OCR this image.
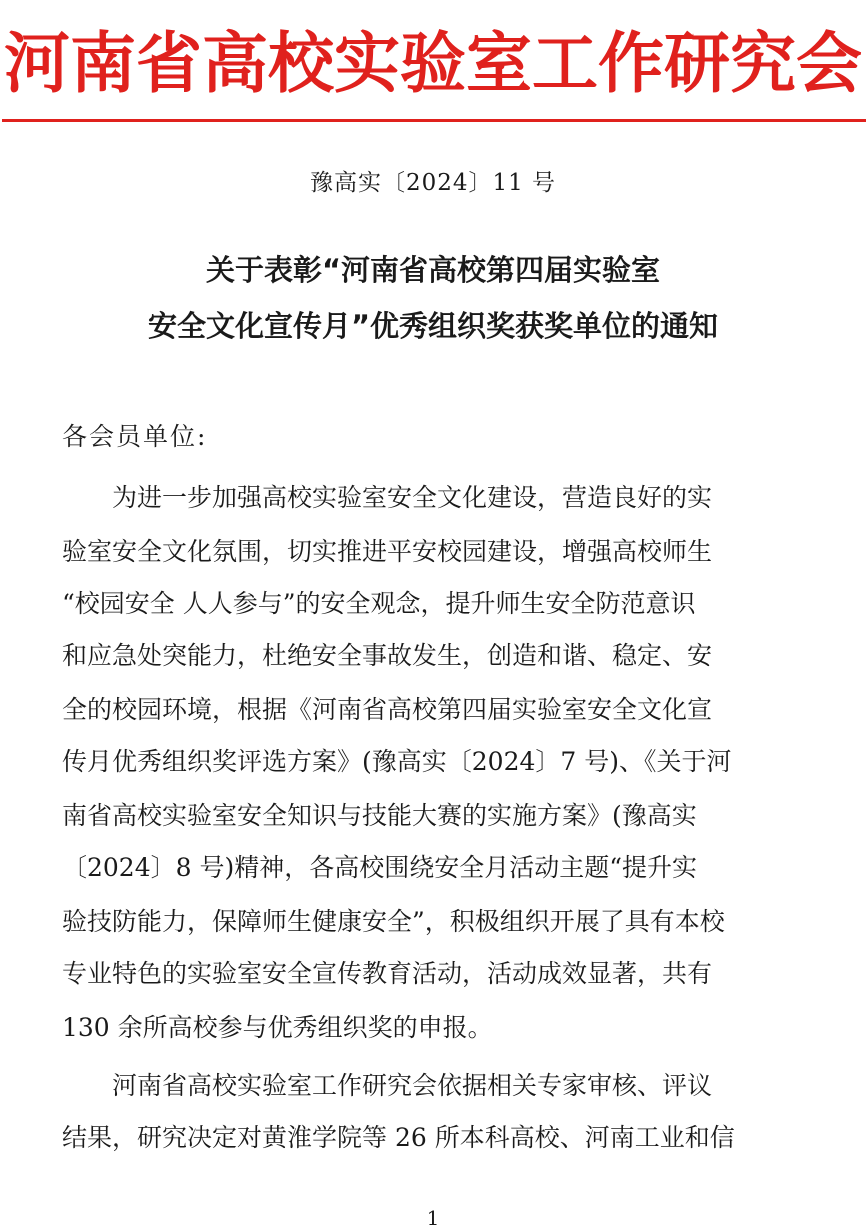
河南省高校实验室工作研究会
豫高实〔2024〕11 号
关于表彰“河南省高校第四届实验室
安全文化宣传月”优秀组织奖获奖单位的通知
各会员单位:
　　为进一步加强高校实验室安全文化建设，营造良好的实
验室安全文化氛围，切实推进平安校园建设，增强高校师生
“校园安全 人人参与”的安全观念，提升师生安全防范意识
和应急处突能力，杜绝安全事故发生，创造和谐、稳定、安
全的校园环境，根据《河南省高校第四届实验室安全文化宣
传月优秀组织奖评选方案》(豫高实〔2024〕7 号)、《关于河
南省高校实验室安全知识与技能大赛的实施方案》(豫高实
〔2024〕8 号)精神，各高校围绕安全月活动主题“提升实
验技防能力，保障师生健康安全”，积极组织开展了具有本校
专业特色的实验室安全宣传教育活动，活动成效显著，共有
130 余所高校参与优秀组织奖的申报。
　　河南省高校实验室工作研究会依据相关专家审核、评议
结果，研究决定对黄淮学院等 26 所本科高校、河南工业和信
1
